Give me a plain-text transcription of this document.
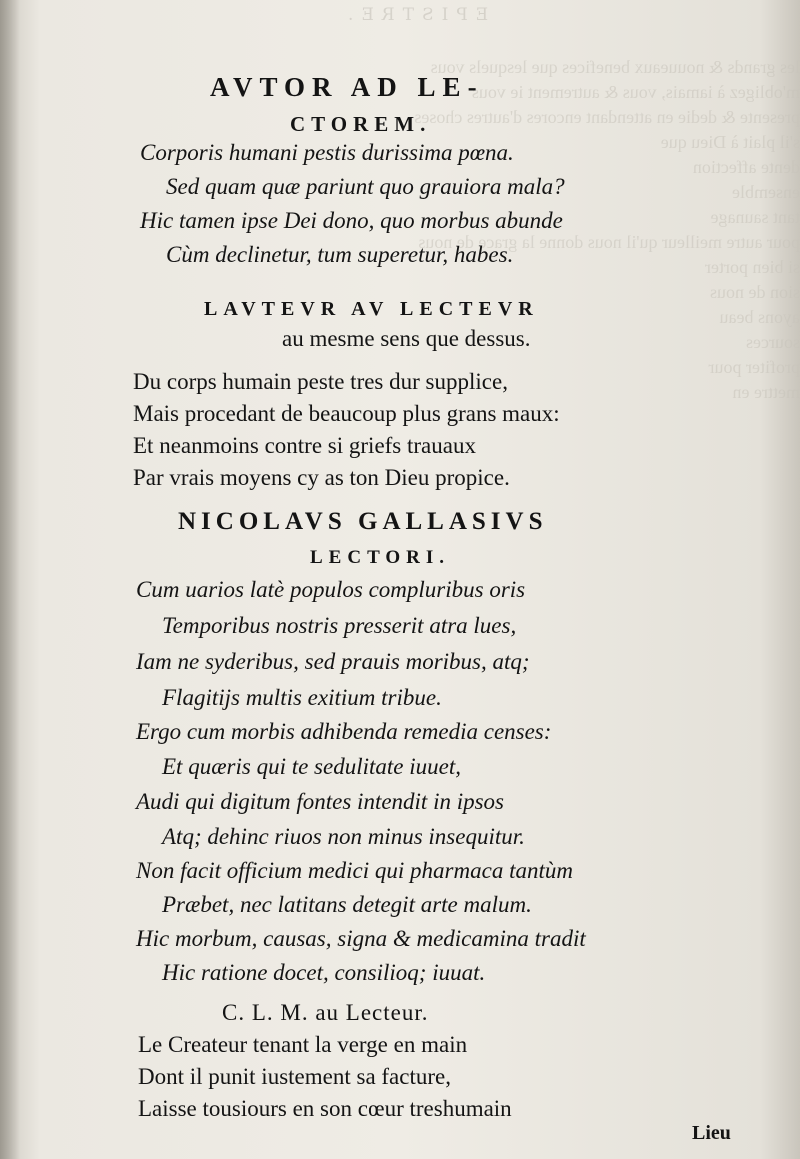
EPISTRE.
les grands & nouueaux benefices que lesquels vous
m'obligez à iamais, vous & autrement ie vous
presente & dedie en attendant encores d'autres choses
s'il plait à Dieu que
dente affection
ensemble
tant saunage
pour autre meilleur qu'il nous donne la grace de nous
si bien porter
sion de nous
ayons beau
sources
profiter pour
mettre en
AVTOR AD LE-
CTOREM.
Corporis humani pestis durissima pœna.
Sed quam quæ pariunt quo grauiora mala?
Hic tamen ipse Dei dono, quo morbus abunde
Cùm declinetur, tum superetur, habes.
LAVTEVR AV LECTEVR
au mesme sens que dessus.
Du corps humain peste tres dur supplice,
Mais procedant de beaucoup plus grans maux:
Et neanmoins contre si griefs trauaux
Par vrais moyens cy as ton Dieu propice.
NICOLAVS GALLASIVS
LECTORI.
Cum uarios latè populos compluribus oris
Temporibus nostris presserit atra lues,
Iam ne syderibus, sed prauis moribus, atq;
Flagitijs multis exitium tribue.
Ergo cum morbis adhibenda remedia censes:
Et quæris qui te sedulitate iuuet,
Audi qui digitum fontes intendit in ipsos
Atq; dehinc riuos non minus insequitur.
Non facit officium medici qui pharmaca tantùm
Præbet, nec latitans detegit arte malum.
Hic morbum, causas, signa & medicamina tradit
Hic ratione docet, consilioq; iuuat.
C. L. M. au Lecteur.
Le Createur tenant la verge en main
Dont il punit iustement sa facture,
Laisse tousiours en son cœur treshumain
Lieu
